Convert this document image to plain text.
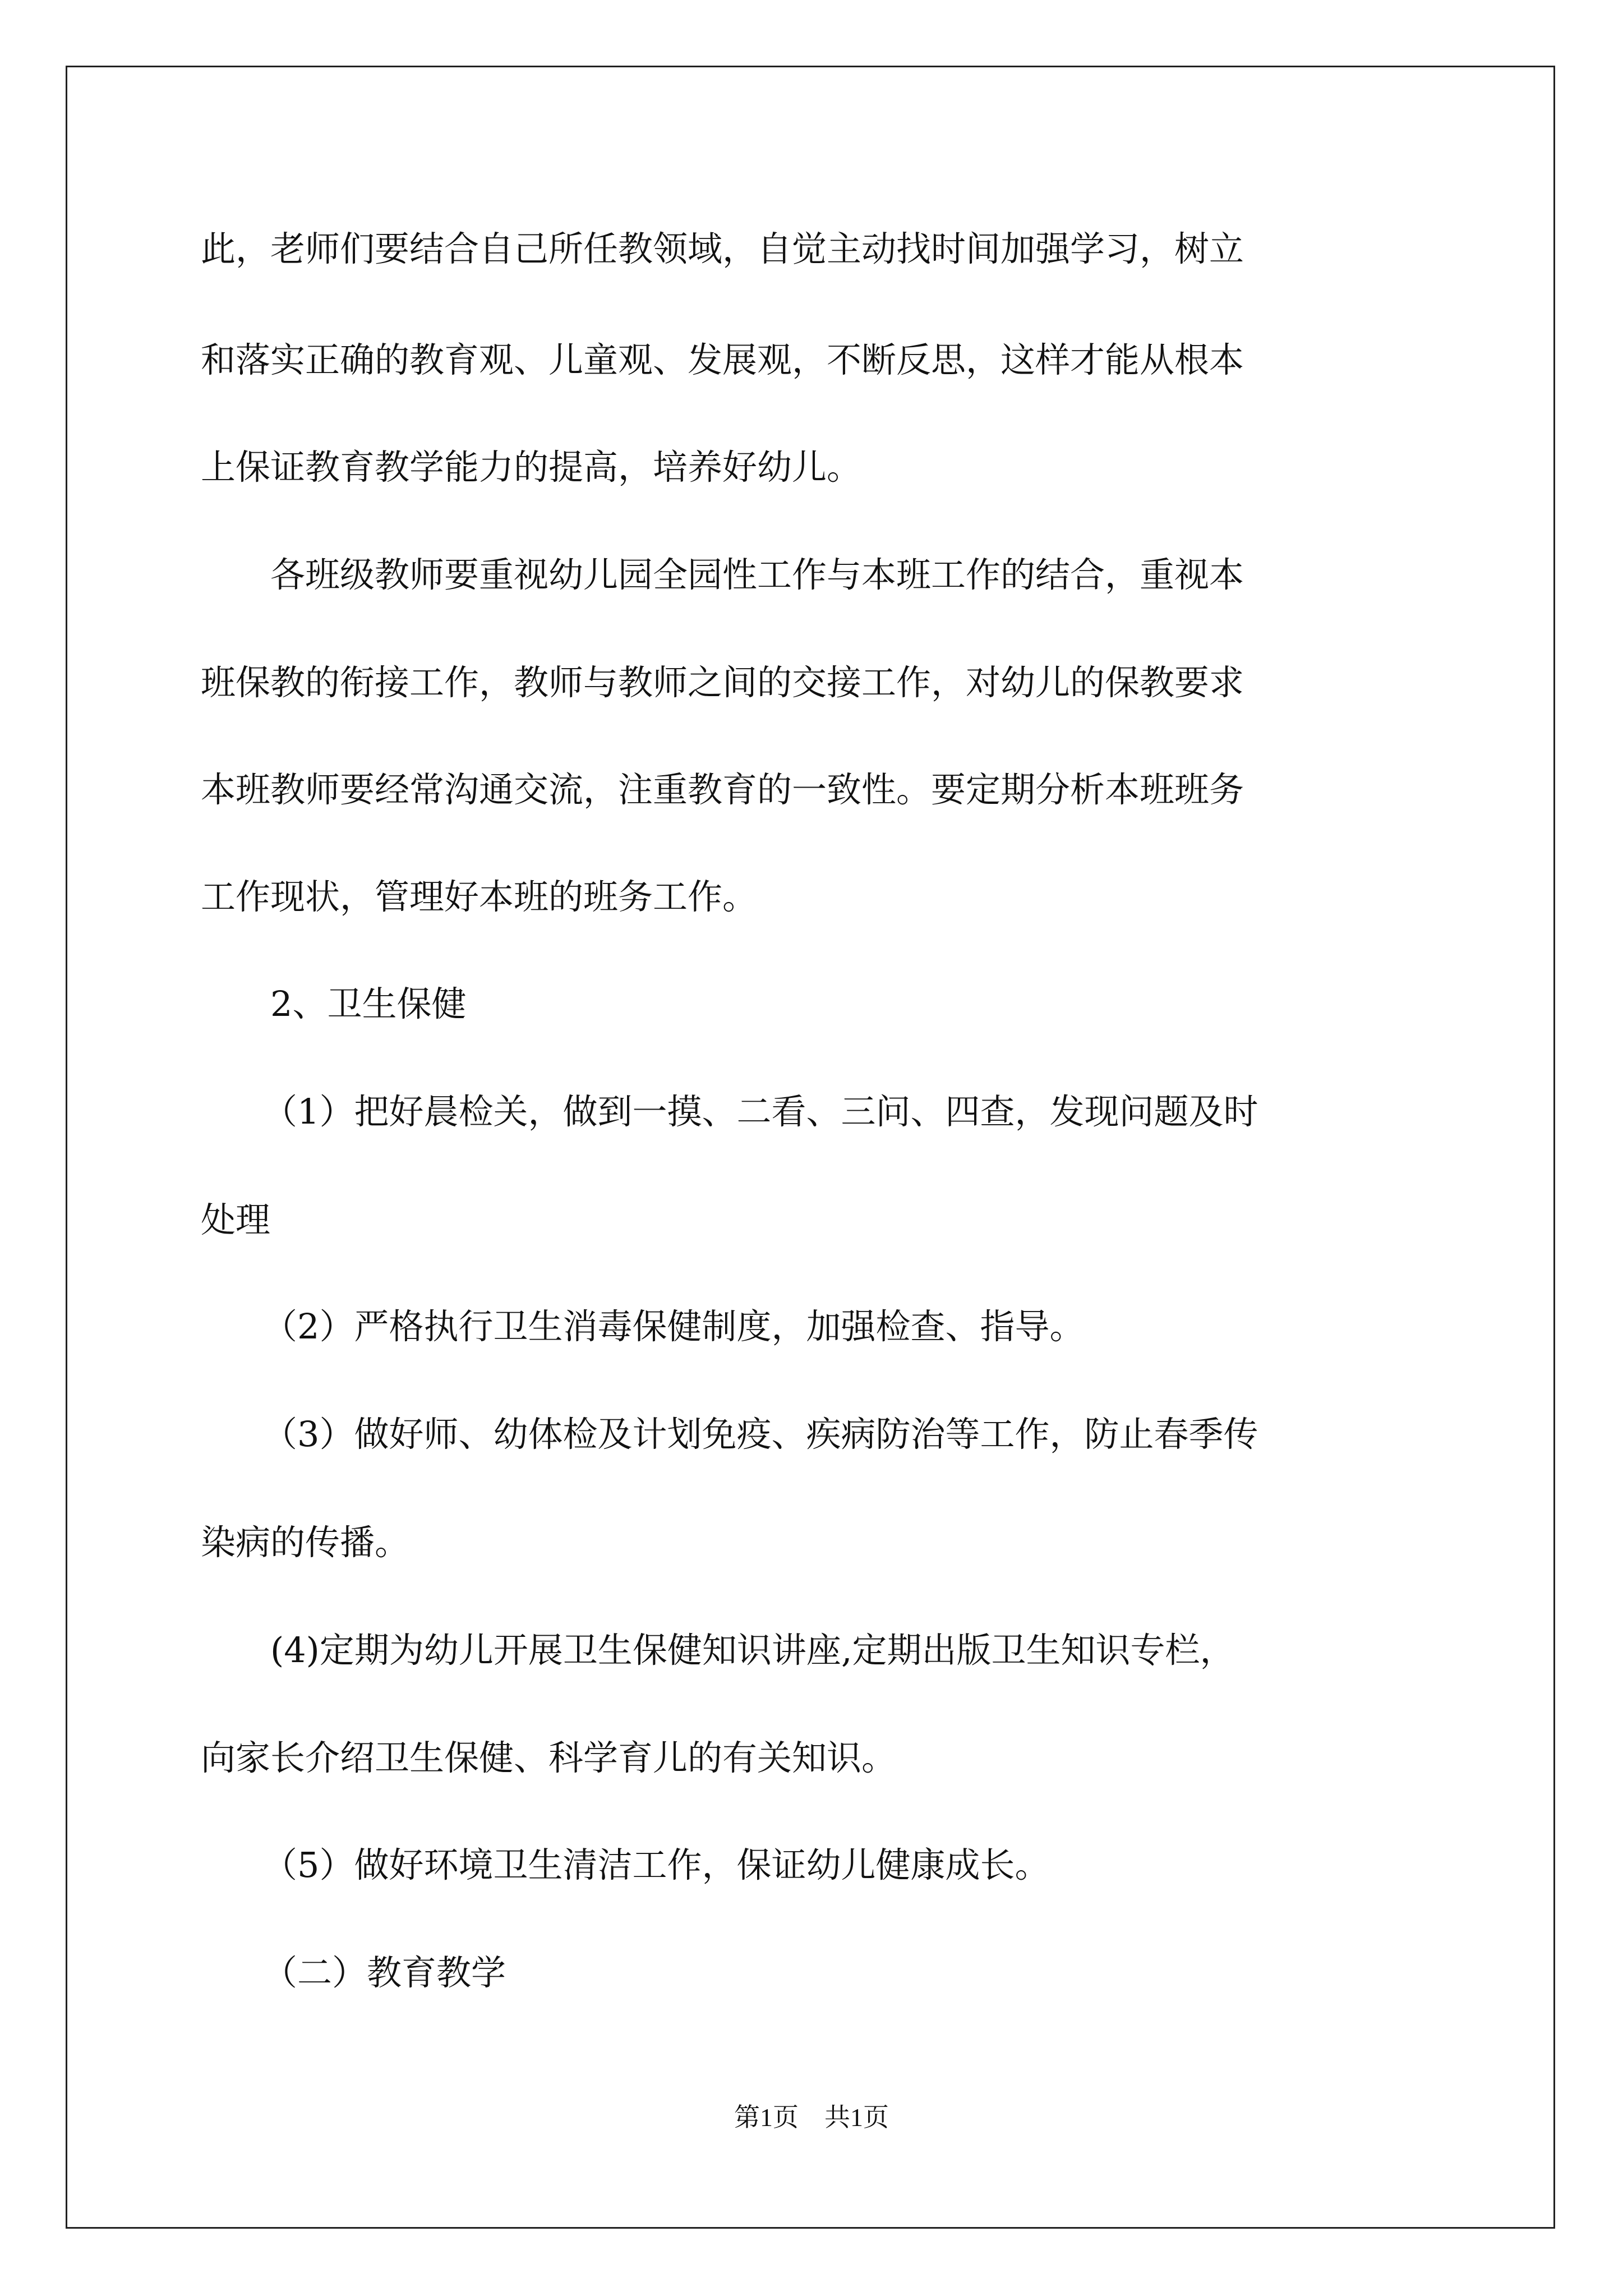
此，老师们要结合自己所任教领域，自觉主动找时间加强学习，树立
和落实正确的教育观、儿童观、发展观，不断反思，这样才能从根本
上保证教育教学能力的提高，培养好幼儿。
各班级教师要重视幼儿园全园性工作与本班工作的结合，重视本
班保教的衔接工作，教师与教师之间的交接工作，对幼儿的保教要求
本班教师要经常沟通交流，注重教育的一致性。要定期分析本班班务
工作现状，管理好本班的班务工作。
2、卫生保健
（1）把好晨检关，做到一摸、二看、三问、四查，发现问题及时
处理
（2）严格执行卫生消毒保健制度，加强检查、指导。
（3）做好师、幼体检及计划免疫、疾病防治等工作，防止春季传
染病的传播。
(4)定期为幼儿开展卫生保健知识讲座,定期出版卫生知识专栏，
向家长介绍卫生保健、科学育儿的有关知识。
（5）做好环境卫生清洁工作，保证幼儿健康成长。
（二）教育教学
第1页　共1页
